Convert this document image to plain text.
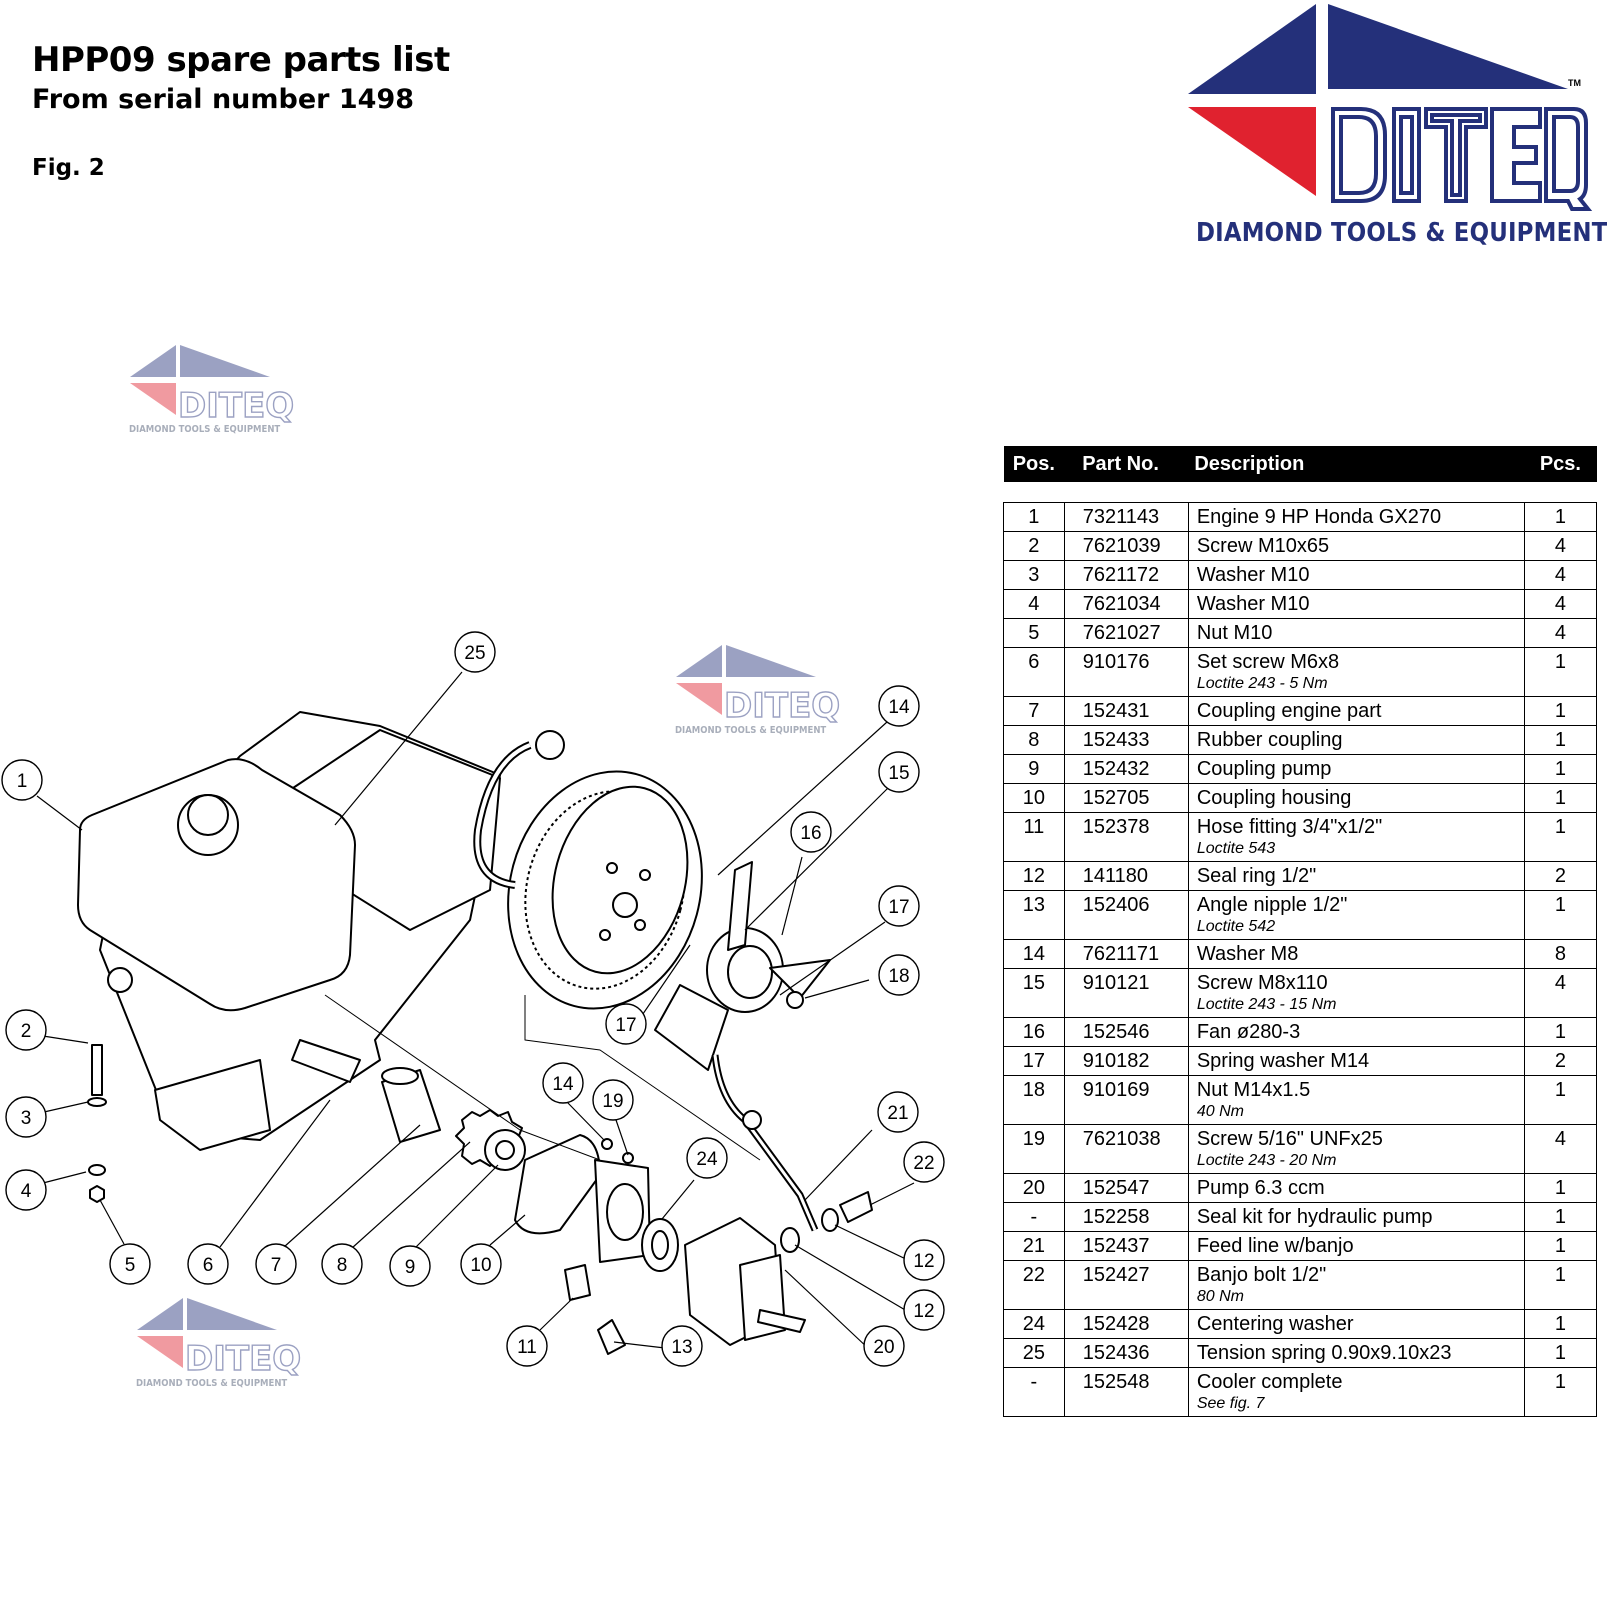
HPP09 spare parts list
From serial number 1498
Fig. 2
TM
DIAMOND TOOLS & EQUIPMENT
DITEQ
DIAMOND TOOLS & EQUIPMENT
DITEQ
DIAMOND TOOLS & EQUIPMENT
DITEQ
DIAMOND TOOLS & EQUIPMENT
1
2
3
4
5	6	7	8	9	10
11
12
12
13
14
14
15
16
17
17
18
19
20
21
22
24
25
Pos.	Part No.	Description	Pcs.

1	7321143	Engine 9 HP Honda GX270	1
2	7621039	Screw M10x65	4
3	7621172	Washer M10	4
4	7621034	Washer M10	4
5	7621027	Nut M10	4
6	910176	Set screw M6x8
Loctite 243 - 5 Nm	1
7	152431	Coupling engine part	1
8	152433	Rubber coupling	1
9	152432	Coupling pump	1
10	152705	Coupling housing	1
11	152378	Hose fitting 3/4"x1/2"
Loctite 543	1
12	141180	Seal ring 1/2"	2
13	152406	Angle nipple 1/2"
Loctite 542	1
14	7621171	Washer M8	8
15	910121	Screw M8x110
Loctite 243 - 15 Nm	4
16	152546	Fan ø280-3	1
17	910182	Spring washer M14	2
18	910169	Nut M14x1.5
40 Nm	1
19	7621038	Screw 5/16" UNFx25
Loctite 243 - 20 Nm	4
20	152547	Pump 6.3 ccm	1
-	152258	Seal kit for hydraulic pump	1
21	152437	Feed line w/banjo	1
22	152427	Banjo bolt 1/2"
80 Nm	1
24	152428	Centering washer	1
25	152436	Tension spring 0.90x9.10x23	1
-	152548	Cooler complete
See fig. 7	1
